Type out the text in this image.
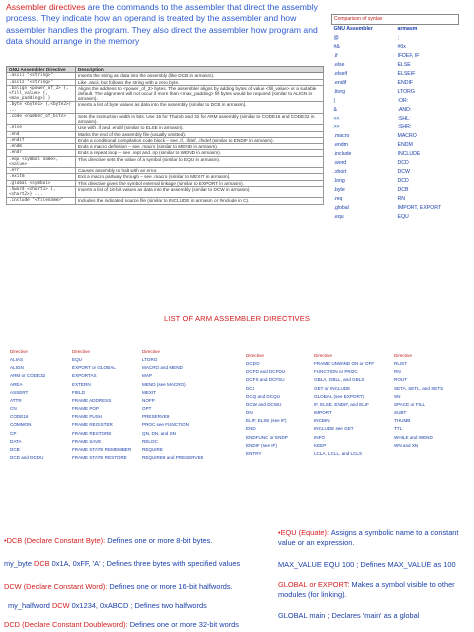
Assembler directives are the commands to the assembler that direct the assembly process. They indicate how an operand is treated by the assembler and how assembler handles the program. They also direct the assembler how program and data should arrange in the memory
GNU Assembler Directive	Description
.ascii "<string>"	Inserts the string as data into the assembly (like DCB in armasm).
.asciz "<string>"	Like .ascii, but follows the string with a zero byte.
.balign <power_of_2> {,<fill_value> {,<max_padding>} }	Aligns the address to <power_of_2> bytes. The assembler aligns by adding bytes of value <fill_value> or a suitable default. The alignment will not occur if more than <max_padding> fill bytes would be required (similar to ALIGN in armasm).
.byte <byte1> {,<byte2>} ...	Inserts a list of byte values as data into the assembly (similar to DCB in armasm).
.code <number_of_bits>	Sets the instruction width in bits. Use 16 for Thumb and 32 for ARM assembly (similar to CODE16 and CODE32 in armasm).
.else	Use with .if and .endif (similar to ELSE in armasm).
.end	Marks the end of the assembly file (usually omitted).
.endif	Ends a conditional compilation code block – see .if, .ifdef, .ifndef (similar to ENDIF in armasm).
.endm	Ends a macro definition – see .macro (similar to MEND in armasm).
.endr	Ends a repeat loop – see .rept and .irp (similar to WEND in armasm).
.equ <symbol name>, <value>	This directive sets the value of a symbol (similar to EQU in armasm).
.err	Causes assembly to halt with an error.
.exitm	Exit a macro partway through – see .macro (similar to MEXIT in armasm).
.global <symbol>	This directive gives the symbol external linkage (similar to EXPORT in armasm).
.hword <short1> {,<short2>} ...	Inserts a list of 16-bit values as data into the assembly (similar to DCW in armasm).
.include "<filename>"	Includes the indicated source file (similar to INCLUDE in armasm or #include in C).
Comparison of syntax	
GNU Assembler	armasm
@	;
#&	#0x
.if	IFDEF, IF
.else	ELSE
.elseif	ELSEIF
.endif	ENDIF
.ltorg	LTORG
|	:OR:
&	:AND:
<<	:SHL:
>>	:SHR:
.macro	MACRO
.endm	ENDM
.include	INCLUDE
.word	DCD
.short	DCW
.long	DCD
.byte	DCB
.req	RN
.global	IMPORT, EXPORT
.equ	EQU
LIST OF ARM ASSEMBLER DIRECTIVES
Directive
ALIAS
ALIGN
ARM or CODE32
AREA
ASSERT
ATTR
CN
CODE16
COMMON
CP
DATA
DCB
DCD and DCDU
Directive
EQU
EXPORT or GLOBAL
EXPORTAS
EXTERN
FIELD
FRAME ADDRESS
FRAME POP
FRAME PUSH
FRAME REGISTER
FRAME RESTORE
FRAME SAVE
FRAME STATE REMEMBER
FRAME STATE RESTORE
Directive
LTORG
MACRO and MEND
MAP
MEND (see MACRO)
MEXIT
NOFP
OPT
PRESERVE8
PROC see FUNCTION
QN, DN, and SN
RELOC
REQUIRE
REQUIRE8 and PRESERVE8
Directive
DCDO
DCFD and DCFDU
DCFS and DCFSU
DCI
DCQ and DCQU
DCW and DCWU
DN
ELIF, ELSE (see IF)
END
ENDFUNC or ENDP
ENDIF (see IF)
ENTRY
Directive
FRAME UNWIND ON or OFF
FUNCTION or PROC
GBLA, GBLL, and GBLS
GET or INCLUDE
GLOBAL (see EXPORT)
IF, ELSE, ENDIF, and ELIF
IMPORT
INCBIN
INCLUDE see GET
INFO
KEEP
LCLA, LCLL, and LCLS
Directive
RLIST
RN
ROUT
SETA, SETL, and SETS
SN
SPACE or FILL
SUBT
THUMB
TTL
WHILE and WEND
WN and XN
•DCB (Declare Constant Byte): Defines one or more 8-bit bytes.
my_byte DCB 0x1A, 0xFF, 'A' ; Defines three bytes with specified values
DCW (Declare Constant Word): Defines one or more 16-bit halfwords.
my_halfword DCW 0x1234, 0xABCD ; Defines two halfwords
DCD (Declare Constant Doubleword): Defines one or more 32-bit words
•EQU (Equate): Assigns a symbolic name to a constant value or an expression.
MAX_VALUE EQU 100 ; Defines MAX_VALUE as 100
GLOBAL or EXPORT: Makes a symbol visible to other modules (for linking).
GLOBAL main ; Declares 'main' as a global
